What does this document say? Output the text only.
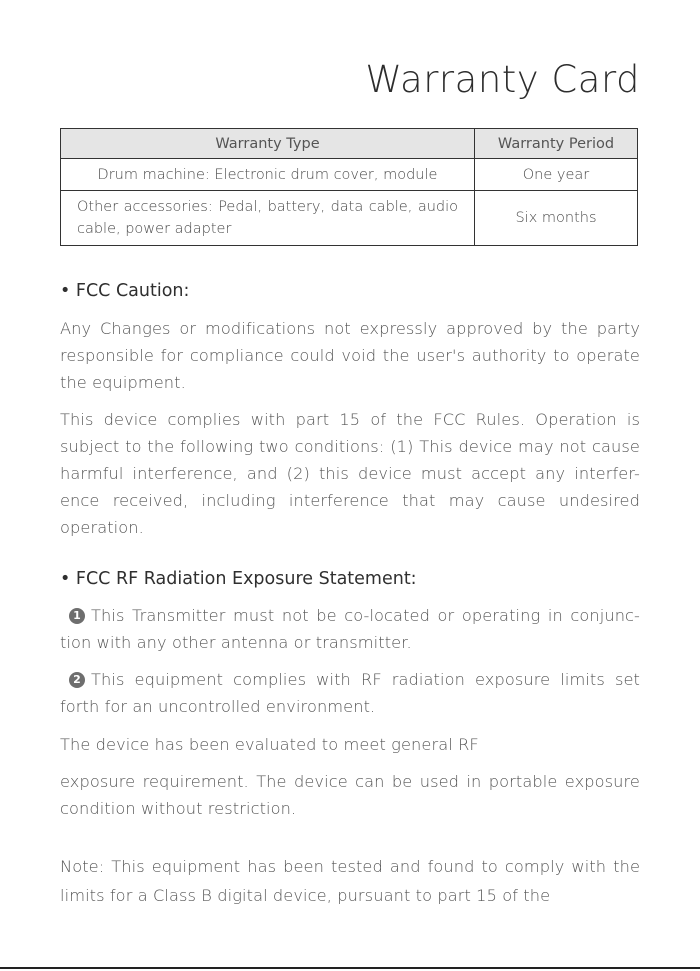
Warranty Card
Warranty Type	Warranty Period
Drum machine: Electronic drum cover, module	One year
Other accessories: Pedal, battery, data cable, audio cable, power adapter	Six months
• FCC Caution:
Any Changes or modifications not expressly approved by the party responsible for compliance could void the user's authority to operate the equipment.
This device complies with part 15 of the FCC Rules. Operation is subject to the following two conditions: (1) This device may not cause harmful interference, and (2) this device must accept any interfer- ence received, including interference that may cause undesired operation.
• FCC RF Radiation Exposure Statement:
1 This Transmitter must not be co-located or operating in conjunc- tion with any other antenna or transmitter.
2 This equipment complies with RF radiation exposure limits set forth for an uncontrolled environment.
The device has been evaluated to meet general RF
exposure requirement. The device can be used in portable exposure condition without restriction.
Note: This equipment has been tested and found to comply with the limits for a Class B digital device, pursuant to part 15 of the
